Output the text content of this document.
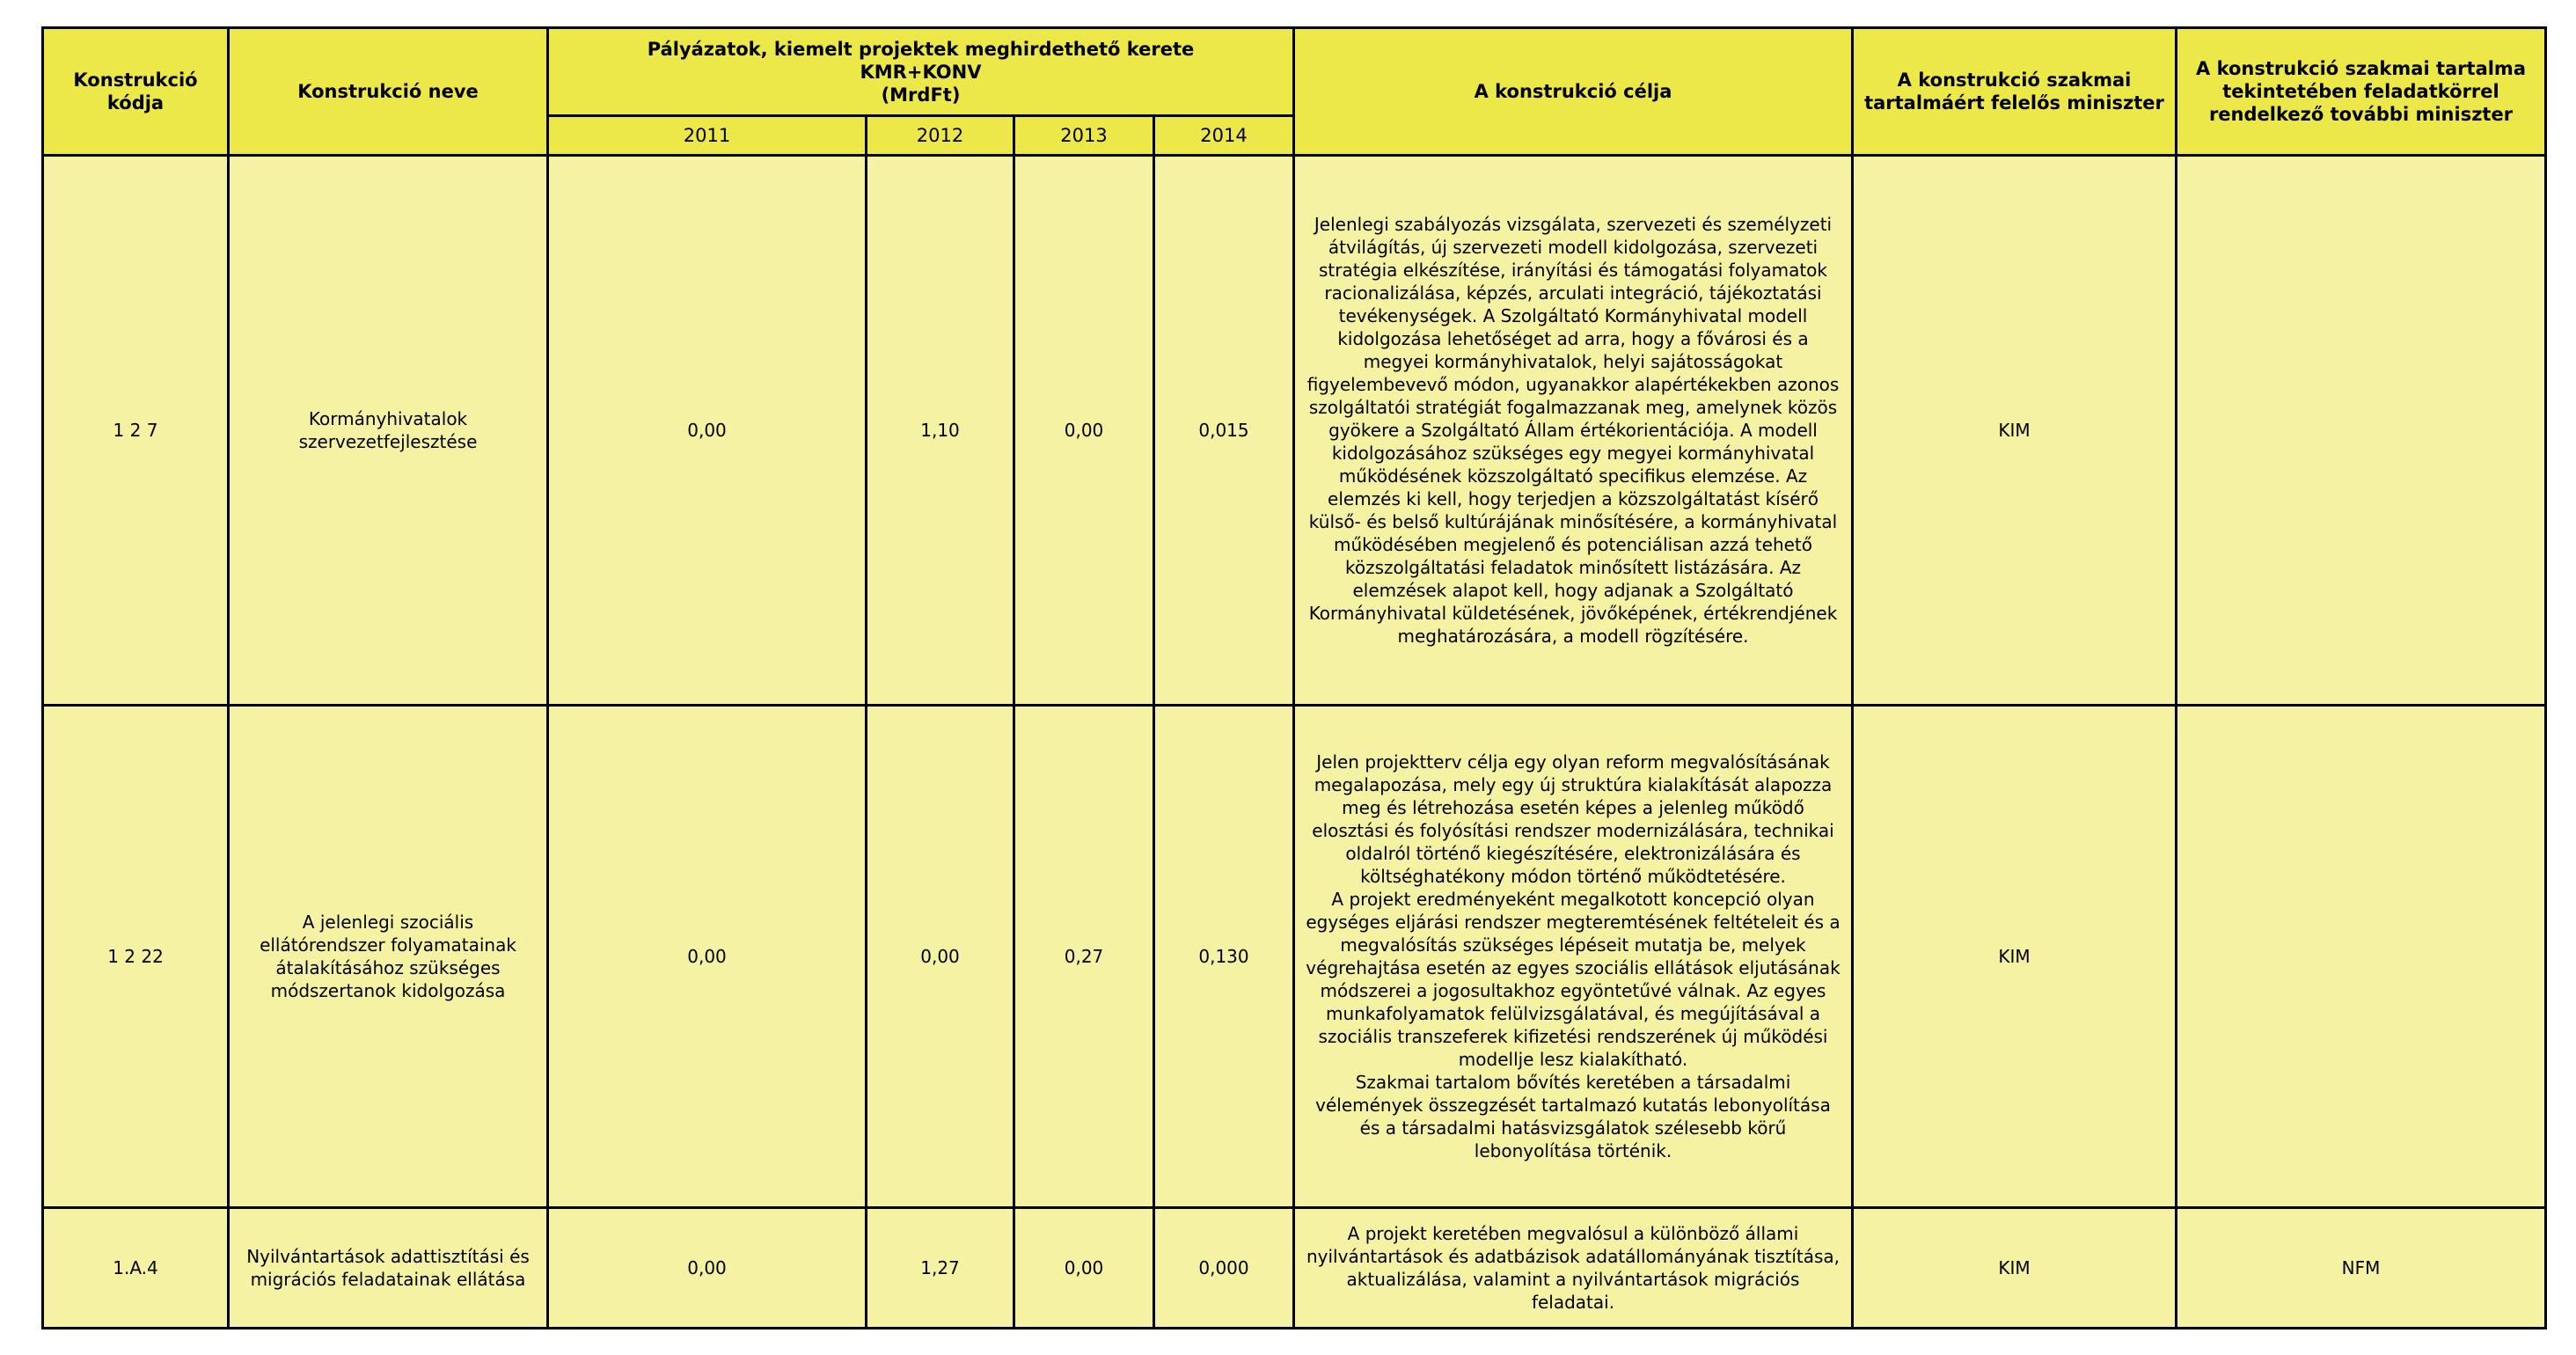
Konstrukció kódja	Konstrukció neve	Pályázatok, kiemelt projektek meghirdethető kerete
KMR+KONV
(MrdFt)				A konstrukció célja	A konstrukció szakmai tartalmáért felelős miniszter	A konstrukció szakmai tartalma tekintetében feladatkörrel rendelkező további miniszter
		2011	2012	2013	2014			
1 2 7	Kormányhivatalok szervezetfejlesztése	0,00	1,10	0,00	0,015	Jelenlegi szabályozás vizsgálata, szervezeti és személyzeti átvilágítás, új szervezeti modell kidolgozása, szervezeti stratégia elkészítése, irányítási és támogatási folyamatok racionalizálása, képzés, arculati integráció, tájékoztatási tevékenységek. A Szolgáltató Kormányhivatal modell kidolgozása lehetőséget ad arra, hogy a fővárosi és a megyei kormányhivatalok, helyi sajátosságokat figyelembevevő módon, ugyanakkor alapértékekben azonos szolgáltatói stratégiát fogalmazzanak meg, amelynek közös gyökere a Szolgáltató Állam értékorientációja. A modell kidolgozásához szükséges egy megyei kormányhivatal működésének közszolgáltató specifikus elemzése. Az elemzés ki kell, hogy terjedjen a közszolgáltatást kísérő külső- és belső kultúrájának minősítésére, a kormányhivatal működésében megjelenő és potenciálisan azzá tehető közszolgáltatási feladatok minősített listázására. Az elemzések alapot kell, hogy adjanak a Szolgáltató Kormányhivatal küldetésének, jövőképének, értékrendjének meghatározására, a modell rögzítésére.	KIM	
1 2 22	A jelenlegi szociális ellátórendszer folyamatainak átalakításához szükséges módszertanok kidolgozása	0,00	0,00	0,27	0,130	Jelen projektterv célja egy olyan reform megvalósításának megalapozása, mely egy új struktúra kialakítását alapozza meg és létrehozása esetén képes a jelenleg működő elosztási és folyósítási rendszer modernizálására, technikai oldalról történő kiegészítésére, elektronizálására és költséghatékony módon történő működtetésére.
A projekt eredményeként megalkotott koncepció olyan egységes eljárási rendszer megteremtésének feltételeit és a megvalósítás szükséges lépéseit mutatja be, melyek végrehajtása esetén az egyes szociális ellátások eljutásának módszerei a jogosultakhoz egyöntetűvé válnak. Az egyes munkafolyamatok felülvizsgálatával, és megújításával a szociális transzeferek kifizetési rendszerének új működési modellje lesz kialakítható.
Szakmai tartalom bővítés keretében a társadalmi vélemények összegzését tartalmazó kutatás lebonyolítása és a társadalmi hatásvizsgálatok szélesebb körű lebonyolítása történik.	KIM	
1.A.4	Nyilvántartások adattisztítási és migrációs feladatainak ellátása	0,00	1,27	0,00	0,000	A projekt keretében megvalósul a különböző állami nyilvántartások és adatbázisok adatállományának tisztítása, aktualizálása, valamint a nyilvántartások migrációs feladatai.	KIM	NFM
